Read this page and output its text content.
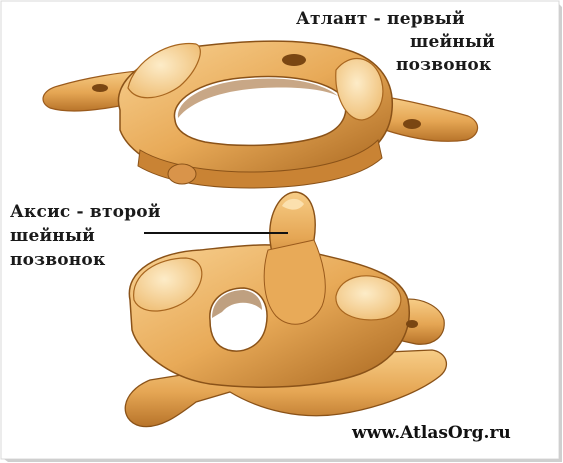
Атлант - первый
шейный
позвонок
Аксис - второй
шейный
позвонок
www.AtlasOrg.ru
